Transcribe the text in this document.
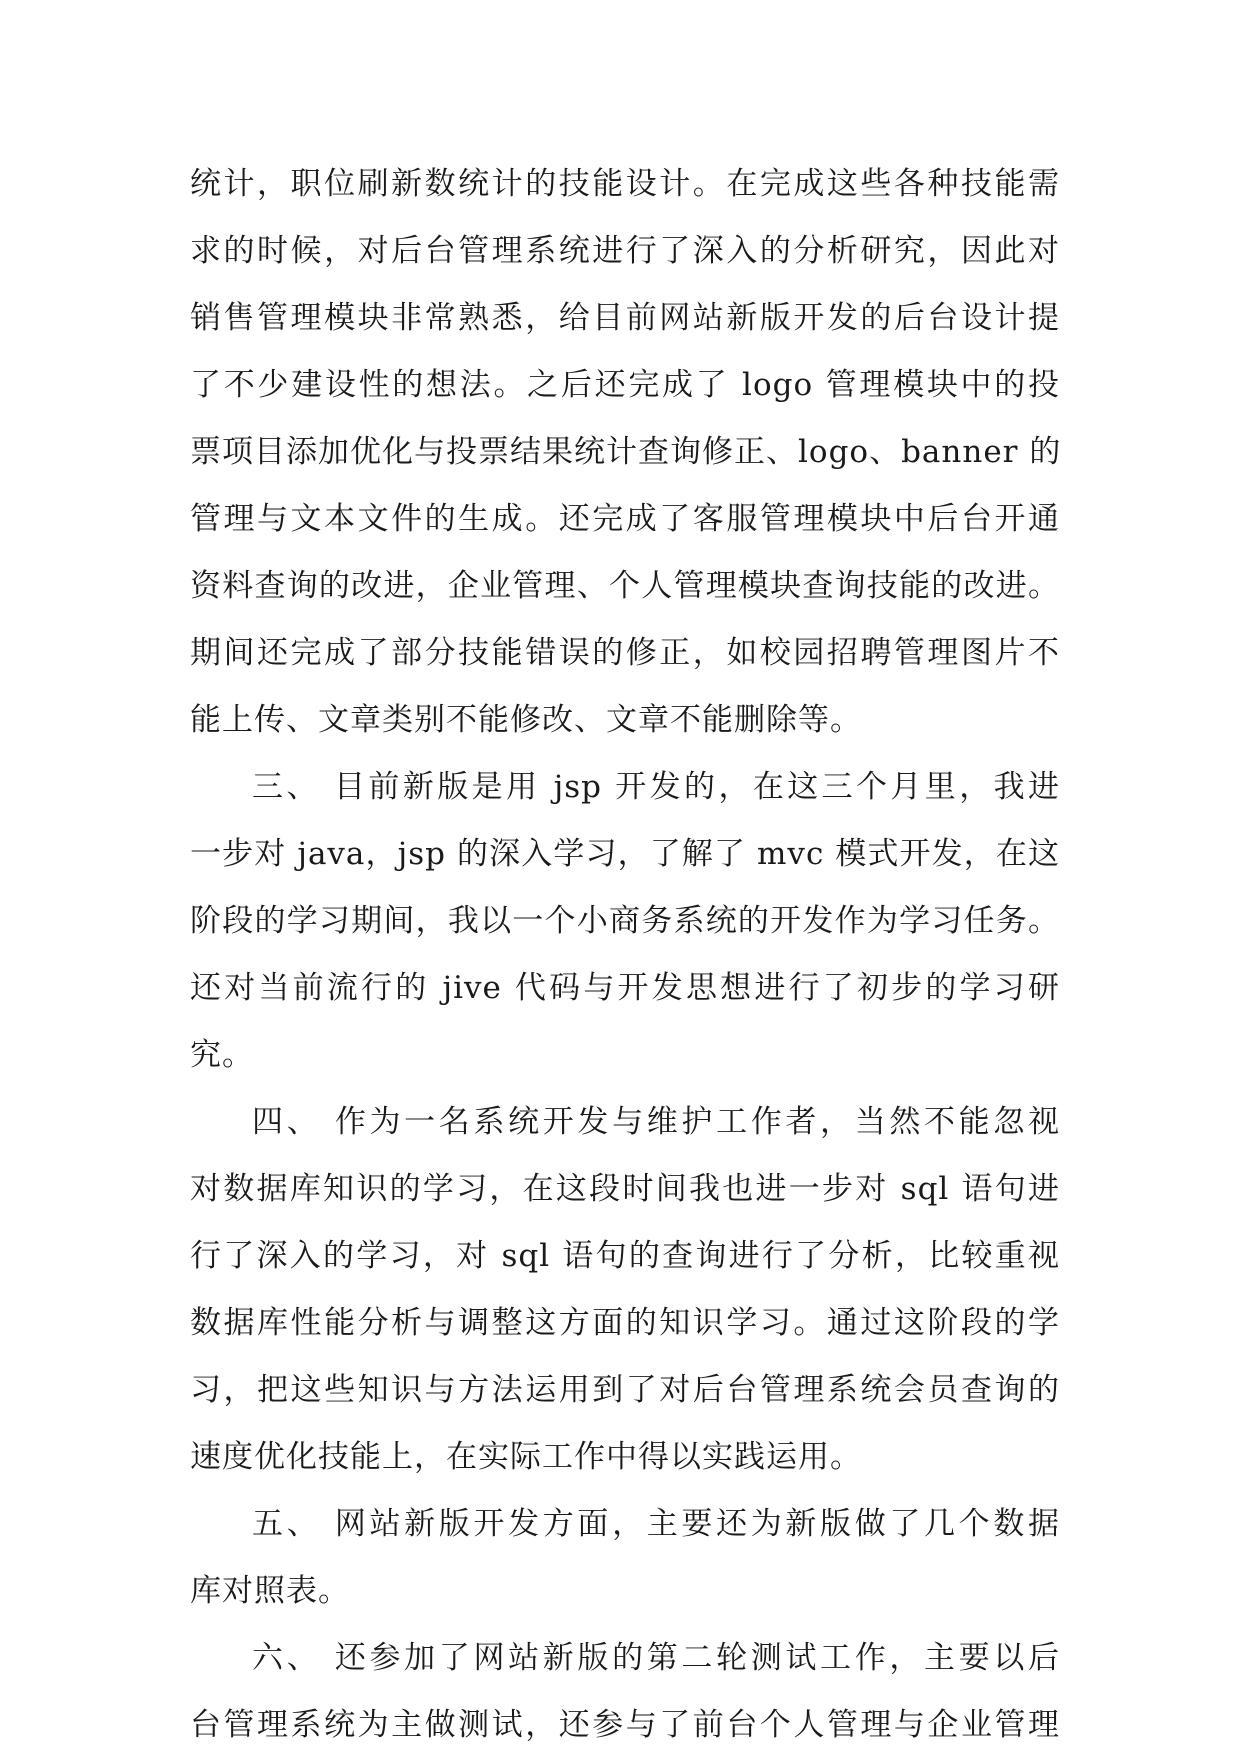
统计，职位刷新数统计的技能设计。在完成这些各种技能需
求的时候，对后台管理系统进行了深入的分析研究，因此对
销售管理模块非常熟悉，给目前网站新版开发的后台设计提
了不少建设性的想法。之后还完成了 logo 管理模块中的投
票项目添加优化与投票结果统计查询修正、logo、banner 的
管理与文本文件的生成。还完成了客服管理模块中后台开通
资料查询的改进，企业管理、个人管理模块查询技能的改进。
期间还完成了部分技能错误的修正，如校园招聘管理图片不
能上传、文章类别不能修改、文章不能删除等。
三、 目前新版是用 jsp 开发的，在这三个月里，我进
一步对 java，jsp 的深入学习，了解了 mvc 模式开发，在这
阶段的学习期间，我以一个小商务系统的开发作为学习任务。
还对当前流行的 jive 代码与开发思想进行了初步的学习研
究。
四、 作为一名系统开发与维护工作者，当然不能忽视
对数据库知识的学习，在这段时间我也进一步对 sql 语句进
行了深入的学习，对 sql 语句的查询进行了分析，比较重视
数据库性能分析与调整这方面的知识学习。通过这阶段的学
习，把这些知识与方法运用到了对后台管理系统会员查询的
速度优化技能上，在实际工作中得以实践运用。
五、 网站新版开发方面，主要还为新版做了几个数据
库对照表。
六、 还参加了网站新版的第二轮测试工作，主要以后
台管理系统为主做测试，还参与了前台个人管理与企业管理
